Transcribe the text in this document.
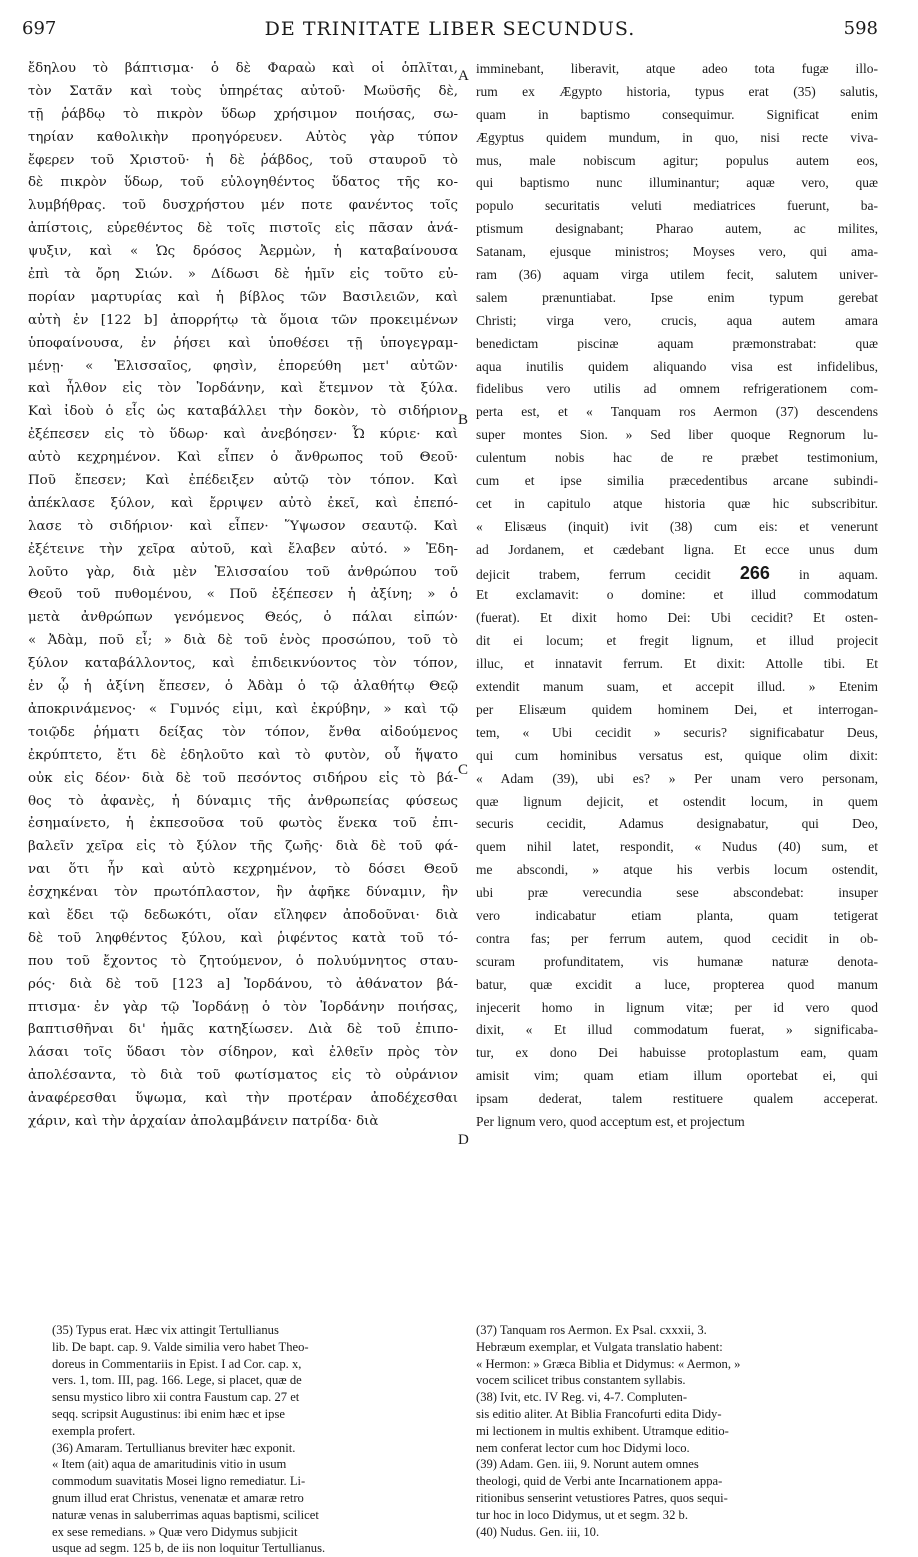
697	DE TRINITATE LIBER SECUNDUS.	598
ἔδηλου τὸ βάπτισμα· ὁ δὲ Φαραὼ καὶ οἱ ὁπλῖται,
τὸν Σατᾶν καὶ τοὺς ὑπηρέτας αὐτοῦ· Μωϋσῆς δὲ,
τῇ ῥάβδῳ τὸ πικρὸν ὕδωρ χρήσιμον ποιήσας, σω-
τηρίαν καθολικὴν προηγόρευεν. Αὐτὸς γὰρ τύπον
ἔφερεν τοῦ Χριστοῦ· ἡ δὲ ῥάβδος, τοῦ σταυροῦ τὸ
δὲ πικρὸν ὕδωρ, τοῦ εὐλογηθέντος ὕδατος τῆς κο-
λυμβήθρας. τοῦ δυσχρήστου μέν ποτε φανέντος τοῖς
ἀπίστοις, εὑρεθέντος δὲ τοῖς πιστοῖς εἰς πᾶσαν ἀνά-
ψυξιν, καὶ « Ὡς δρόσος Ἀερμὼν, ἡ καταβαίνουσα
ἐπὶ τὰ ὄρη Σιών. » Δίδωσι δὲ ἡμῖν εἰς τοῦτο εὐ-
πορίαν μαρτυρίας καὶ ἡ βίβλος τῶν Βασιλειῶν, καὶ
αὐτὴ ἐν [122 b] ἀπορρήτῳ τὰ ὅμοια τῶν προκειμένων
ὑποφαίνουσα, ἐν ῥήσει καὶ ὑποθέσει τῇ ὑπογεγραμ-
μένῃ· « Ἐλισσαῖος, φησὶν, ἐπορεύθη μετ' αὐτῶν·
καὶ ἦλθον εἰς τὸν Ἰορδάνην, καὶ ἔτεμνον τὰ ξύλα.
Καὶ ἰδοὺ ὁ εἷς ὡς καταβάλλει τὴν δοκὸν, τὸ σιδήριον
ἐξέπεσεν εἰς τὸ ὕδωρ· καὶ ἀνεβόησεν· Ὦ κύριε· καὶ
αὐτὸ κεχρημένον. Καὶ εἶπεν ὁ ἄνθρωπος τοῦ Θεοῦ·
Ποῦ ἔπεσεν; Καὶ ἐπέδειξεν αὐτῷ τὸν τόπον. Καὶ
ἀπέκλασε ξύλον, καὶ ἔρριψεν αὐτὸ ἐκεῖ, καὶ ἐπεπό-
λασε τὸ σιδήριον· καὶ εἶπεν· Ὕψωσον σεαυτῷ. Καὶ
ἐξέτεινε τὴν χεῖρα αὐτοῦ, καὶ ἔλαβεν αὐτό. » Ἐδη-
λοῦτο γὰρ, διὰ μὲν Ἐλισσαίου τοῦ ἀνθρώπου τοῦ
Θεοῦ τοῦ πυθομένου, « Ποῦ ἐξέπεσεν ἡ ἀξίνη; » ὁ
μετὰ ἀνθρώπων γενόμενος Θεός, ὁ πάλαι εἰπών·
« Ἀδὰμ, ποῦ εἶ; » διὰ δὲ τοῦ ἑνὸς προσώπου, τοῦ τὸ
ξύλον καταβάλλοντος, καὶ ἐπιδεικνύοντος τὸν τόπον,
ἐν ᾧ ἡ ἀξίνη ἔπεσεν, ὁ Ἀδὰμ ὁ τῷ ἀλαθήτῳ Θεῷ
ἀποκρινάμενος· « Γυμνός εἰμι, καὶ ἐκρύβην, » καὶ τῷ
τοιῷδε ῥήματι δείξας τὸν τόπον, ἔνθα αἰδούμενος
ἐκρύπτετο, ἔτι δὲ ἐδηλοῦτο καὶ τὸ φυτὸν, οὗ ἥψατο
οὐκ εἰς δέον· διὰ δὲ τοῦ πεσόντος σιδήρου εἰς τὸ βά-
θος τὸ ἀφανὲς, ἡ δύναμις τῆς ἀνθρωπείας φύσεως
ἐσημαίνετο, ἡ ἐκπεσοῦσα τοῦ φωτὸς ἕνεκα τοῦ ἐπι-
βαλεῖν χεῖρα εἰς τὸ ξύλον τῆς ζωῆς· διὰ δὲ τοῦ φά-
ναι ὅτι ἦν καὶ αὐτὸ κεχρημένον, τὸ δόσει Θεοῦ
ἐσχηκέναι τὸν πρωτόπλαστον, ἣν ἀφῆκε δύναμιν, ἣν
καὶ ἔδει τῷ δεδωκότι, οἵαν εἴληφεν ἀποδοῦναι· διὰ
δὲ τοῦ ληφθέντος ξύλου, καὶ ῥιφέντος κατὰ τοῦ τό-
που τοῦ ἔχοντος τὸ ζητούμενον, ὁ πολυύμνητος σταυ-
ρός· διὰ δὲ τοῦ [123 a] Ἰορδάνου, τὸ ἀθάνατον βά-
πτισμα· ἐν γὰρ τῷ Ἰορδάνῃ ὁ τὸν Ἰορδάνην ποιήσας,
βαπτισθῆναι δι' ἡμᾶς κατηξίωσεν. Διὰ δὲ τοῦ ἐπιπο-
λάσαι τοῖς ὕδασι τὸν σίδηρον, καὶ ἐλθεῖν πρὸς τὸν
ἀπολέσαντα, τὸ διὰ τοῦ φωτίσματος εἰς τὸ οὐράνιον
ἀναφέρεσθαι ὕψωμα, καὶ τὴν προτέραν ἀποδέχεσθαι
χάριν, καὶ τὴν ἀρχαίαν ἀπολαμβάνειν πατρίδα· διὰ
imminebant, liberavit, atque adeo tota fugæ illo-
rum ex Ægypto historia, typus erat (35) salutis,
quam in baptismo consequimur. Significat enim
Ægyptus quidem mundum, in quo, nisi recte viva-
mus, male nobiscum agitur; populus autem eos,
qui baptismo nunc illuminantur; aquæ vero, quæ
populo securitatis veluti mediatrices fuerunt, ba-
ptismum designabant; Pharao autem, ac milites,
Satanam, ejusque ministros; Moyses vero, qui ama-
ram (36) aquam virga utilem fecit, salutem univer-
salem prænuntiabat. Ipse enim typum gerebat
Christi; virga vero, crucis, aqua autem amara
benedictam piscinæ aquam præmonstrabat: quæ
aqua inutilis quidem aliquando visa est infidelibus,
fidelibus vero utilis ad omnem refrigerationem com-
perta est, et « Tanquam ros Aermon (37) descendens
super montes Sion. » Sed liber quoque Regnorum lu-
culentum nobis hac de re præbet testimonium,
cum et ipse similia præcedentibus arcane subindi-
cet in capitulo atque historia quæ hic subscribitur.
« Elisæus (inquit) ivit (38) cum eis: et venerunt
ad Jordanem, et cædebant ligna. Et ecce unus dum
dejicit trabem, ferrum cecidit 266 in aquam.
Et exclamavit: o domine: et illud commodatum
(fuerat). Et dixit homo Dei: Ubi cecidit? Et osten-
dit ei locum; et fregit lignum, et illud projecit
illuc, et innatavit ferrum. Et dixit: Attolle tibi. Et
extendit manum suam, et accepit illud. » Etenim
per Elisæum quidem hominem Dei, et interrogan-
tem, « Ubi cecidit » securis? significabatur Deus,
qui cum hominibus versatus est, quique olim dixit:
« Adam (39), ubi es? » Per unam vero personam,
quæ lignum dejicit, et ostendit locum, in quem
securis cecidit, Adamus designabatur, qui Deo,
quem nihil latet, respondit, « Nudus (40) sum, et
me abscondi, » atque his verbis locum ostendit,
ubi præ verecundia sese abscondebat: insuper
vero indicabatur etiam planta, quam tetigerat
contra fas; per ferrum autem, quod cecidit in ob-
scuram profunditatem, vis humanæ naturæ denota-
batur, quæ excidit a luce, propterea quod manum
injecerit homo in lignum vitæ; per id vero quod
dixit, « Et illud commodatum fuerat, » significaba-
tur, ex dono Dei habuisse protoplastum eam, quam
amisit vim; quam etiam illum oportebat ei, qui
ipsam dederat, talem restituere qualem acceperat.
Per lignum vero, quod acceptum est, et projectum
A
B
C
D
(35) Typus erat. Hæc vix attingit Tertullianus
lib. De bapt. cap. 9. Valde similia vero habet Theo-
doreus in Commentariis in Epist. I ad Cor. cap. x,
vers. 1, tom. III, pag. 166. Lege, si placet, quæ de
sensu mystico libro xii contra Faustum cap. 27 et
seqq. scripsit Augustinus: ibi enim hæc et ipse
exempla profert.
(36) Amaram. Tertullianus breviter hæc exponit.
« Item (ait) aqua de amaritudinis vitio in usum
commodum suavitatis Mosei ligno remediatur. Li-
gnum illud erat Christus, venenatæ et amaræ retro
naturæ venas in saluberrimas aquas baptismi, scilicet
ex sese remedians. » Quæ vero Didymus subjicit
usque ad segm. 125 b, de iis non loquitur Tertullianus.
(37) Tanquam ros Aermon. Ex Psal. cxxxii, 3.
Hebræum exemplar, et Vulgata translatio habent:
« Hermon: » Græca Biblia et Didymus: « Aermon, »
vocem scilicet tribus constantem syllabis.
(38) Ivit, etc. IV Reg. vi, 4-7. Compluten-
sis editio aliter. At Biblia Francofurti edita Didy-
mi lectionem in multis exhibent. Utramque editio-
nem conferat lector cum hoc Didymi loco.
(39) Adam. Gen. iii, 9. Norunt autem omnes
theologi, quid de Verbi ante Incarnationem appa-
ritionibus senserint vetustiores Patres, quos sequi-
tur hoc in loco Didymus, ut et segm. 32 b.
(40) Nudus. Gen. iii, 10.
